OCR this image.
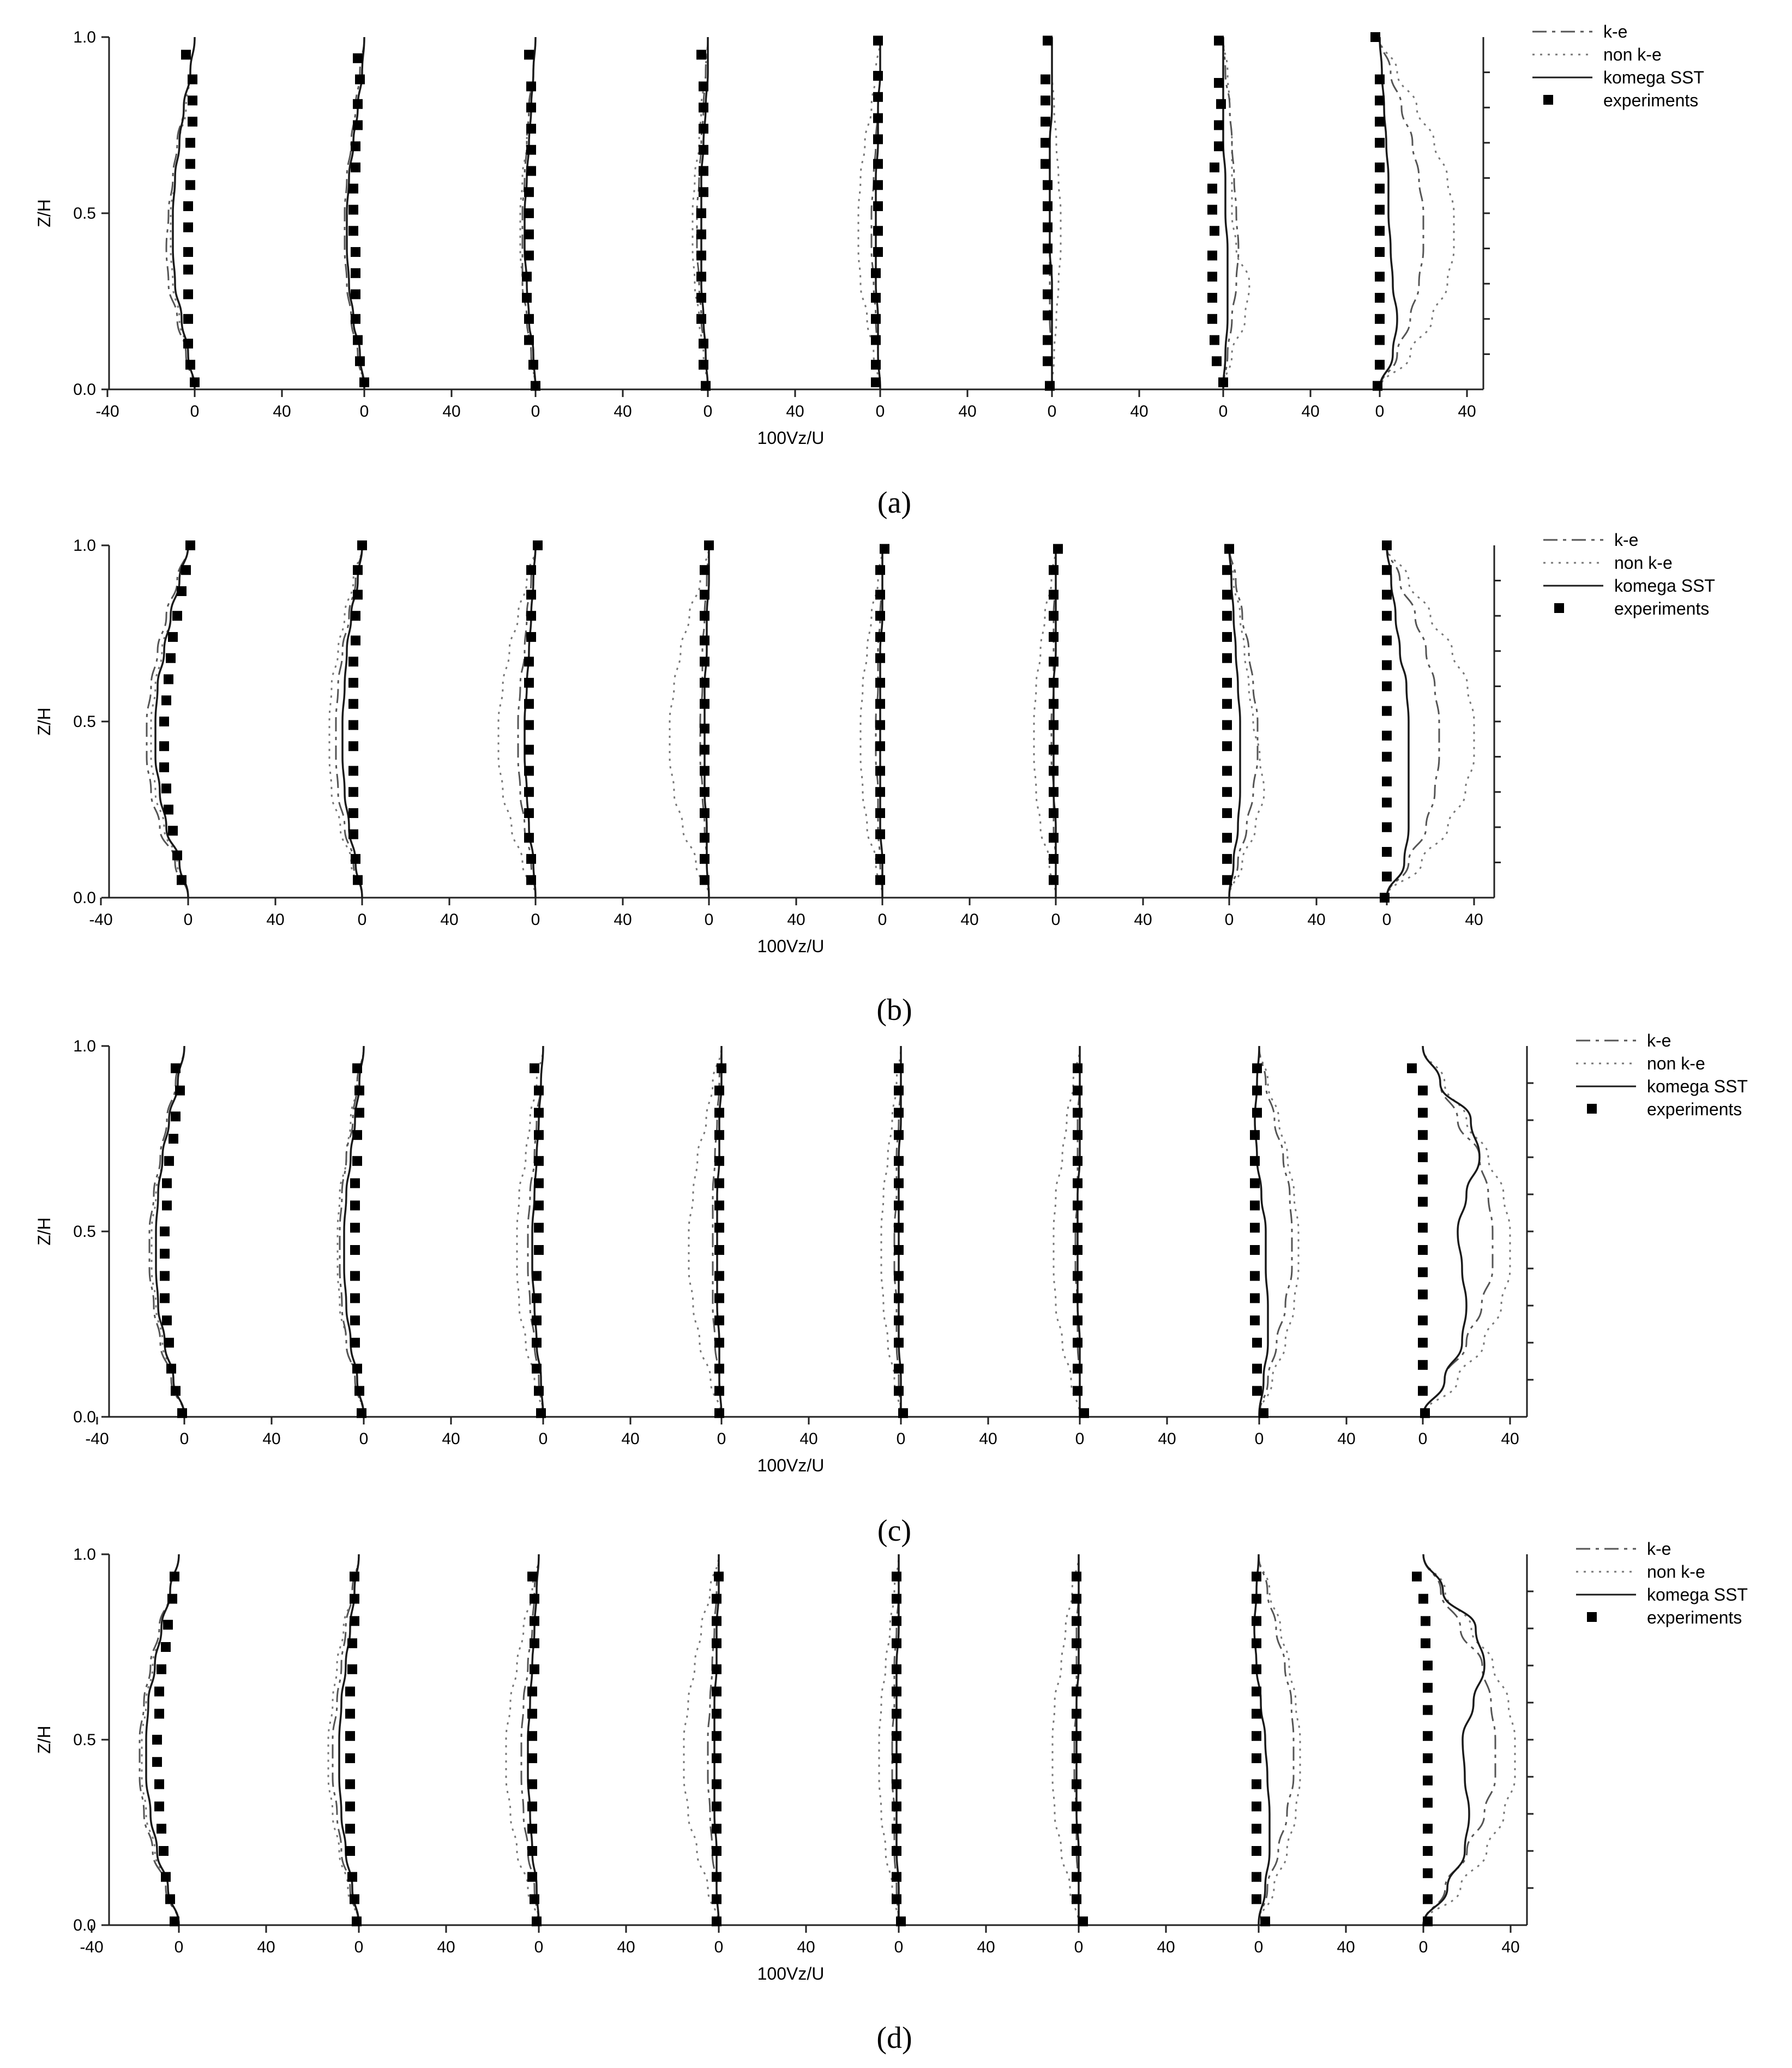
0.0
0.5
1.0
Z/H
-40	0	40	0	40	0	40	0	40	0	40	0	40	0	40	0	40
100Vz/U
k-e
non k-e
komega SST
experiments
(a)
0.0
0.5
1.0
Z/H
-40	0	40	0	40	0	40	0	40	0	40	0	40	0	40	0	40
100Vz/U
k-e
non k-e
komega SST
experiments
(b)
0.0
0.5
1.0
Z/H
-40	0	40	0	40	0	40	0	40	0	40	0	40	0	40	0	40
100Vz/U
k-e
non k-e
komega SST
experiments
(c)
0.0
0.5
1.0
Z/H
-40	0	40	0	40	0	40	0	40	0	40	0	40	0	40	0	40
100Vz/U
k-e
non k-e
komega SST
experiments
(d)
